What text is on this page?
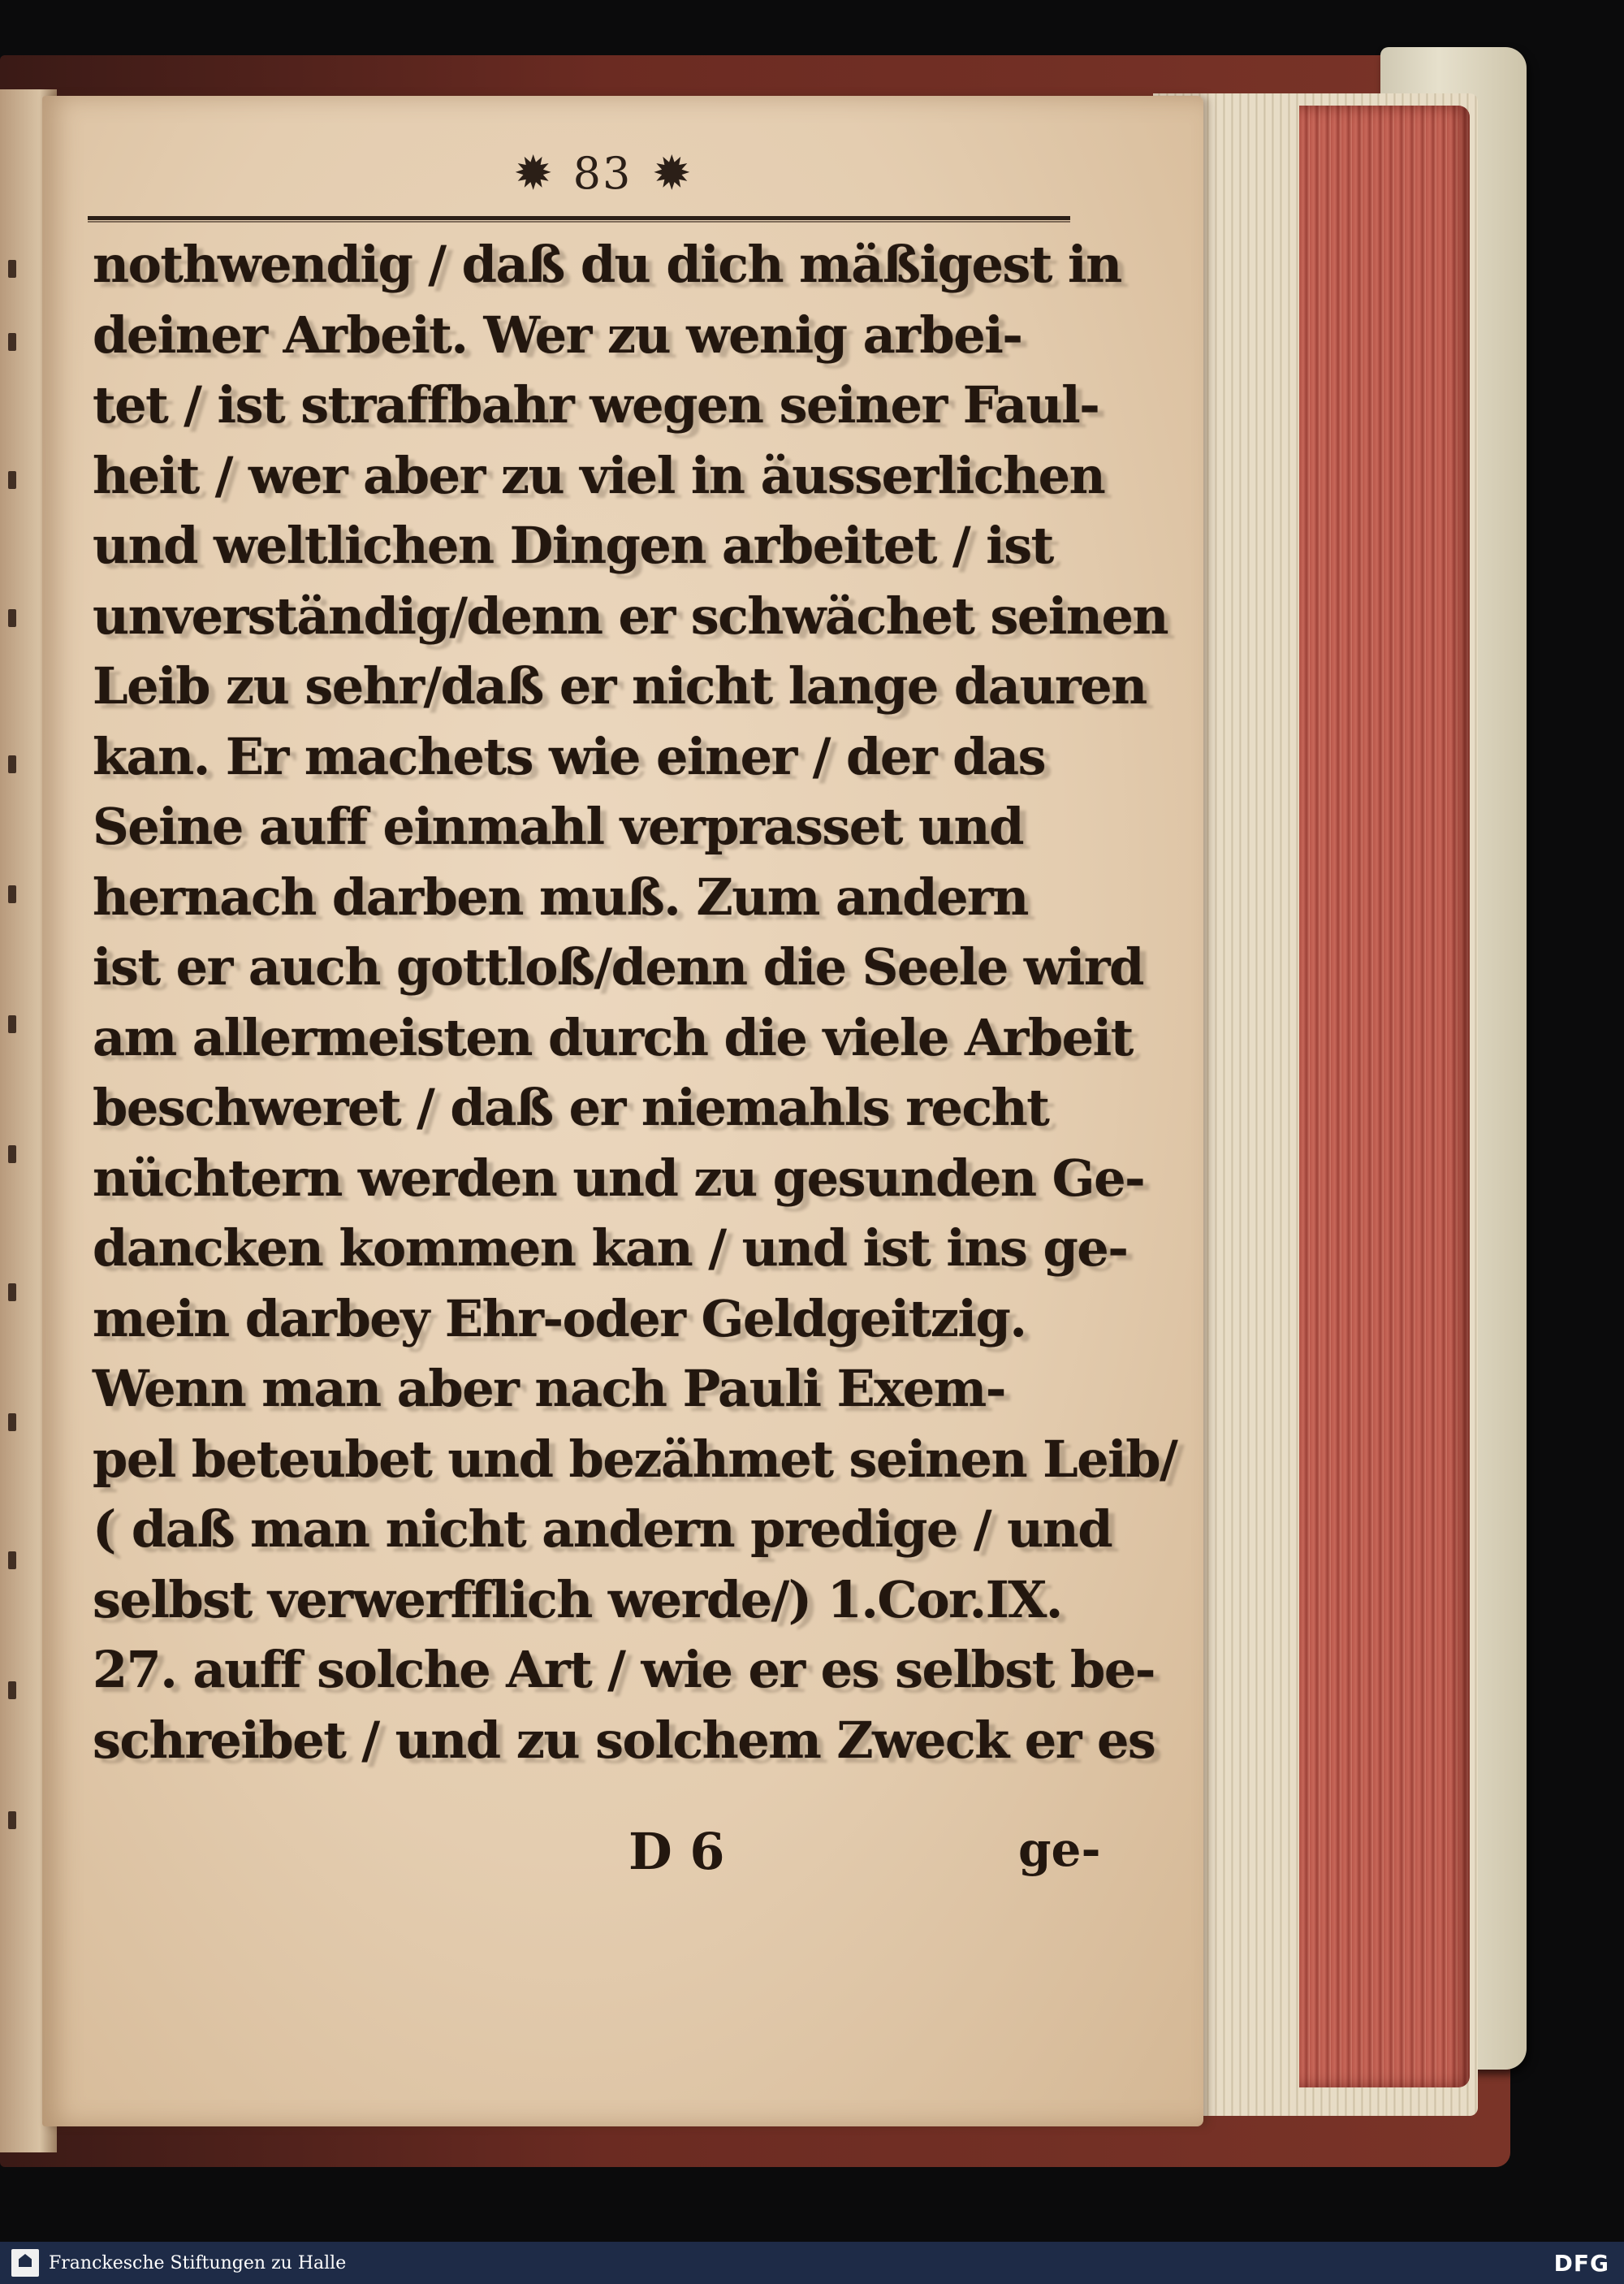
✹ 83 ✹
nothwendig / daß du dich mäßigest in
deiner Arbeit. Wer zu wenig arbei-
tet / ist straffbahr wegen seiner Faul-
heit / wer aber zu viel in äusserlichen
und weltlichen Dingen arbeitet / ist
unverständig/denn er schwächet seinen
Leib zu sehr/daß er nicht lange dauren
kan. Er machets wie einer / der das
Seine auff einmahl verprasset und
hernach darben muß. Zum andern
ist er auch gottloß/denn die Seele wird
am allermeisten durch die viele Arbeit
beschweret / daß er niemahls recht
nüchtern werden und zu gesunden Ge-
dancken kommen kan / und ist ins ge-
mein darbey Ehr-oder Geldgeitzig.
Wenn man aber nach Pauli Exem-
pel beteubet und bezähmet seinen Leib/
( daß man nicht andern predige / und
selbst verwerfflich werde/) 1.Cor.IX.
27. auff solche Art / wie er es selbst be-
schreibet / und zu solchem Zweck er es
D 6	ge-
Franckesche Stiftungen zu Halle	DFG
